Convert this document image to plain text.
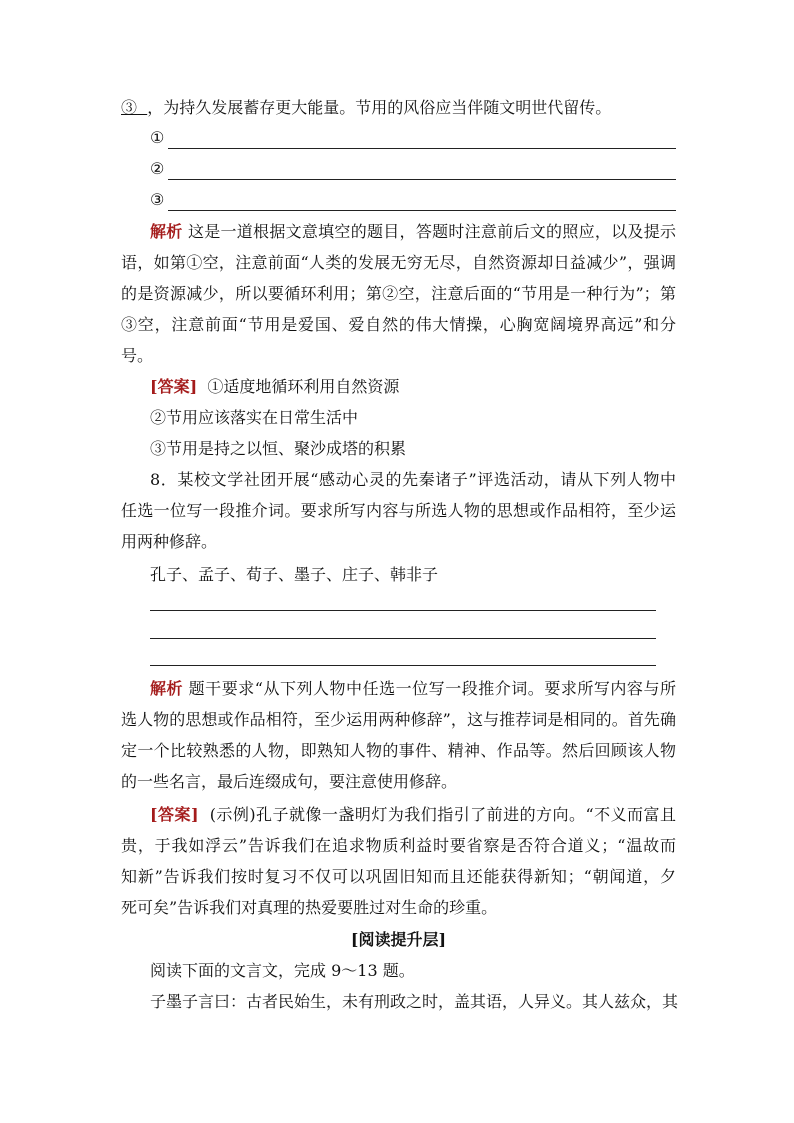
③ ，为持久发展蓄存更大能量。节用的风俗应当伴随文明世代留传。
①
②
③
解析 这是一道根据文意填空的题目，答题时注意前后文的照应，以及提示
语，如第①空，注意前面“人类的发展无穷无尽，自然资源却日益减少”，强调
的是资源减少，所以要循环利用；第②空，注意后面的“节用是一种行为”；第
③空，注意前面“节用是爱国、爱自然的伟大情操，心胸宽阔境界高远”和分
号。
[答案] ①适度地循环利用自然资源
②节用应该落实在日常生活中
③节用是持之以恒、聚沙成塔的积累
8．某校文学社团开展“感动心灵的先秦诸子”评选活动，请从下列人物中
任选一位写一段推介词。要求所写内容与所选人物的思想或作品相符，至少运
用两种修辞。
孔子、孟子、荀子、墨子、庄子、韩非子
解析 题干要求“从下列人物中任选一位写一段推介词。要求所写内容与所
选人物的思想或作品相符，至少运用两种修辞”，这与推荐词是相同的。首先确
定一个比较熟悉的人物，即熟知人物的事件、精神、作品等。然后回顾该人物
的一些名言，最后连缀成句，要注意使用修辞。
[答案] (示例)孔子就像一盏明灯为我们指引了前进的方向。“不义而富且
贵，于我如浮云”告诉我们在追求物质利益时要省察是否符合道义；“温故而
知新”告诉我们按时复习不仅可以巩固旧知而且还能获得新知；“朝闻道，夕
死可矣”告诉我们对真理的热爱要胜过对生命的珍重。
[阅读提升层]
阅读下面的文言文，完成 9～13 题。
子墨子言曰：古者民始生，未有刑政之时，盖其语，人异义。其人兹众，其
